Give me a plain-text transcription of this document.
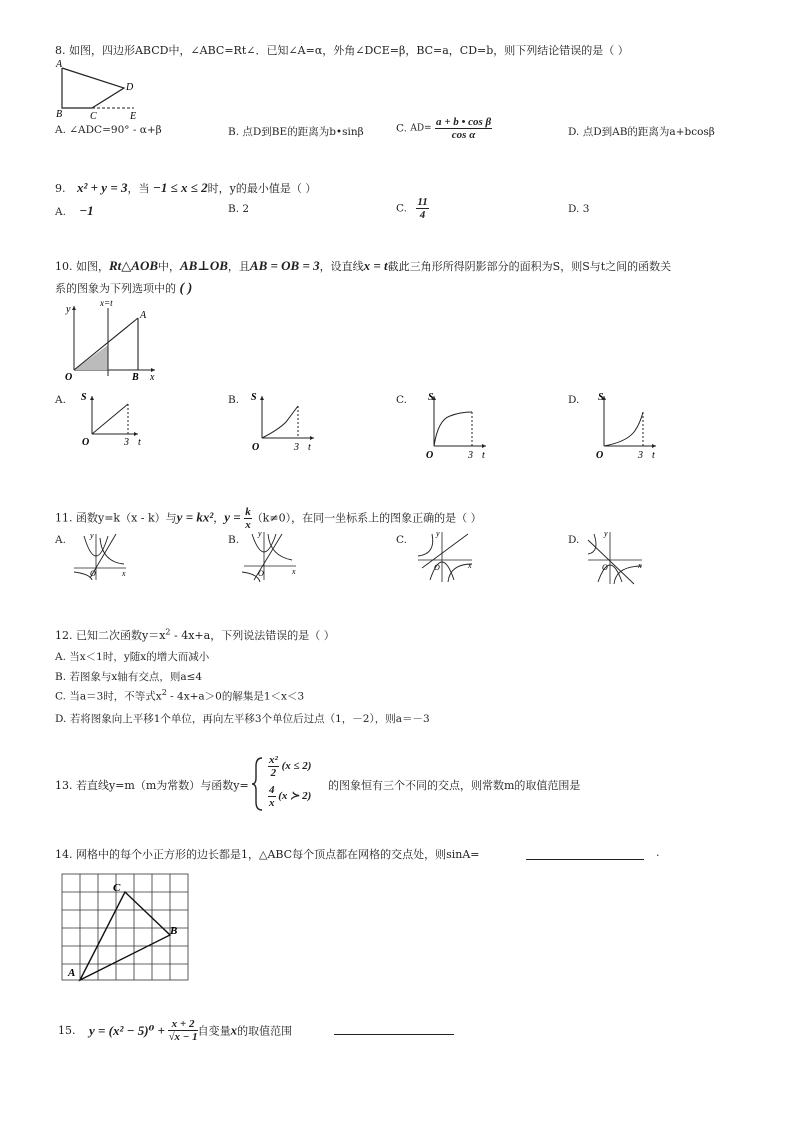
8. 如图，四边形ABCD中，∠ABC=Rt∠．已知∠A=α，外角∠DCE=β，BC=a，CD=b，则下列结论错误的是（ ）
A
B	C
D
E
A. ∠ADC=90° - α+β	B. 点D到BE的距离为b•sinβ	C. $AD= \frac{\text{a + b • cos β}}{\text{cos α}}$	D. 点D到AB的距离为a+bcosβ
9. x² + y = 3，当 −1 ≤ x ≤ 2时，y的最小值是（ ）
A. −1	B. 2	C. $\frac{11}{4}$	D. 3
10. 如图，Rt△AOB中，AB⊥OB，且AB = OB = 3，设直线x = t截此三角形所得阴影部分的面积为S，则S与t之间的函数关
系的图象为下列选项中的 ( )
y
x
O	B
A
x=t
A. S
O	3 t
B. S
O	3 t
C. S
O	3 t
D. S
O	3 t
11. 函数y=k（x - k）与y = kx²，$y = \frac{k}{x} (k\ne 0)$，在同一坐标系上的图象正确的是（ ）
A.	y
O	x
B.
y
O	x
C.
y
O	x
D.
y
O	x
12. 已知二次函数$y=x^2 - 4x+a$，下列说法错误的是（ ）
A. 当x＜1时，y随x的增大而减小
B. 若图象与x轴有交点，则a≤4
C. 当a＝3时，不等式$x^2 - 4x+a>0$的解集是1＜x＜3
D. 若将图象向上平移1个单位，再向左平移3个单位后过点（1，－2），则a＝－3
13. 若直线y=m（m为常数）与函数y=
$\frac{\text{x²}}{2} (x \le 2)$
$\frac{4}{x} (x$ ≻ 2)
的图象恒有三个不同的交点，则常数m的取值范围是
14. 网格中的每个小正方形的边长都是1，△ABC每个顶点都在网格的交点处，则sinA=	.
A
B
C
15. $y = (x^2 - 5)^0 + \frac{x + 2}{√x - 1}$ 自变量x的取值范围
